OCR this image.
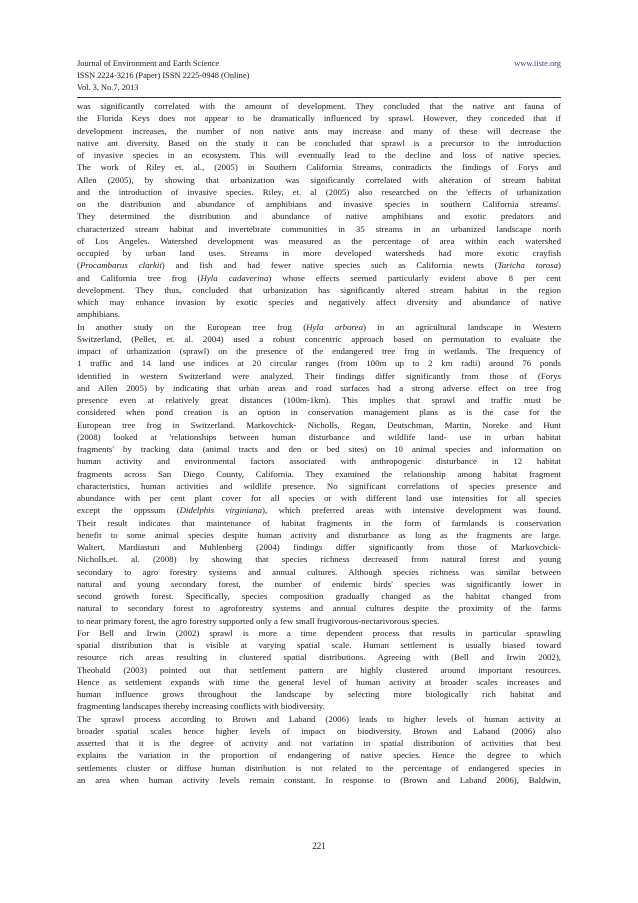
Journal of Environment and Earth Science	www.iiste.org
ISSN 2224-3216 (Paper) ISSN 2225-0948 (Online)
Vol. 3, No.7, 2013

was significantly correlated with the amount of development. They concluded that the native ant fauna of
the Florida Keys does not appear to be dramatically influenced by sprawl. However, they conceded that if
development increases, the number of non native ants may increase and many of these will decrease the
native ant diversity. Based on the study it can be concluded that sprawl is a precursor to the introduction
of invasive species in an ecosystem. This will eventually lead to the decline and loss of native species.
The work of Riley et. al., (2005) in Southern California Streams, contradicts the findings of Forys and
Allen (2005), by showing that urbanization was significantly correlated with alteration of stream habitat
and the introduction of invasive species. Riley, et. al (2005) also researched on the 'effects of urbanization
on the distribution and abundance of amphibians and invasive species in southern California streams'.
They determined the distribution and abundance of native amphibians and exotic predators and
characterized stream habitat and invertebrate communities in 35 streams in an urbanized landscape north
of Los Angeles. Watershed development was measured as the percentage of area within each watershed
occupied by urban land uses. Streams in more developed watersheds had more exotic crayfish
(Procambarus clarkii) and fish and had fewer native species such as California newts (Taricha torosa)
and California tree frog (Hyla cadaverina) whose effects seemed particularly evident above 8 per cent
development. They thus, concluded that urbanization has significantly altered stream habitat in the region
which may enhance invasion by exotic species and negatively affect diversity and abundance of native
amphibians.

In another study on the European tree frog (Hyla arborea) in an agricultural landscape in Western
Switzerland, (Pellet, et. al. 2004) used a robust concentric approach based on permutation to evaluate the
impact of urbanization (sprawl) on the presence of the endangered tree frog in wetlands. The frequency of
1 traffic and 14 land use indices at 20 circular ranges (from 100m up to 2 km radii) around 76 ponds
identified in western Switzerland were analyzed. Their findings differ significantly from those of (Forys
and Allen 2005) by indicating that urban areas and road surfaces had a strong adverse effect on tree frog
presence even at relatively great distances (100m-1km). This implies that sprawl and traffic must be
considered when pond creation is an option in conservation management plans as is the case for the
European tree frog in Switzerland. Markovchick- Nicholls, Regan, Deutschman, Martin, Noreke and Hunt
(2008) looked at 'relationships between human disturbance and wildlife land- use in urban habitat
fragments' by tracking data (animal tracts and den or bed sites) on 10 animal species and information on
human activity and environmental factors associated with anthropogenic disturbance in 12 habitat
fragments across San Diego County, California. They examined the relationship among habitat fragment
characteristics, human activities and wildlife presence. No significant correlations of species presence and
abundance with per cent plant cover for all species or with different land use intensities for all species
except the oppssum (Didelphis virginiana), which preferred areas with intensive development was found.
Their result indicates that maintenance of habitat fragments in the form of farmlands is conservation
benefit to some animal species despite human activity and disturbance as long as the fragments are large.
Waltert, Mardiastuti and Muhlenberg (2004) findings differ significantly from those of Markovchick-
Nicholls,et. al. (2008) by showing that species richness decreased from natural forest and young
secondary to agro forestry systems and annual cultures. Although species richness was similar between
natural and young secondary forest, the number of endemic birds' species was significantly lower in
second growth forest. Specifically, species composition gradually changed as the habitat changed from
natural to secondary forest to agroforestry systems and annual cultures despite the proximity of the farms
to near primary forest, the agro forestry supported only a few small frugivorous-nectarivorous species.

For Bell and Irwin (2002) sprawl is more a time dependent process that results in particular sprawling
spatial distribution that is visible at varying spatial scale. Human settlement is usually biased toward
resource rich areas resulting in clustered spatial distributions. Agreeing with (Bell and Irwin 2002),
Theobald (2003) pointed out that settlement pattern are highly clustered around important resources.
Hence as settlement expands with time the general level of human activity at broader scales increases and
human influence grows throughout the landscape by selecting more biologically rich habitat and
fragmenting landscapes thereby increasing conflicts with biodiversity.

The sprawl process according to Brown and Laband (2006) leads to higher levels of human activity at
broader spatial scales hence higher levels of impact on biodiversity. Brown and Laband (2006) also
asserted that it is the degree of activity and not variation in spatial distribution of activities that best
explains the variation in the proportion of endangering of native species. Hence the degree to which
settlements cluster or diffuse human distribution is not related to the percentage of endangered species in
an area when human activity levels remain constant. In response to (Brown and Laband 2006), Baldwin,

221
